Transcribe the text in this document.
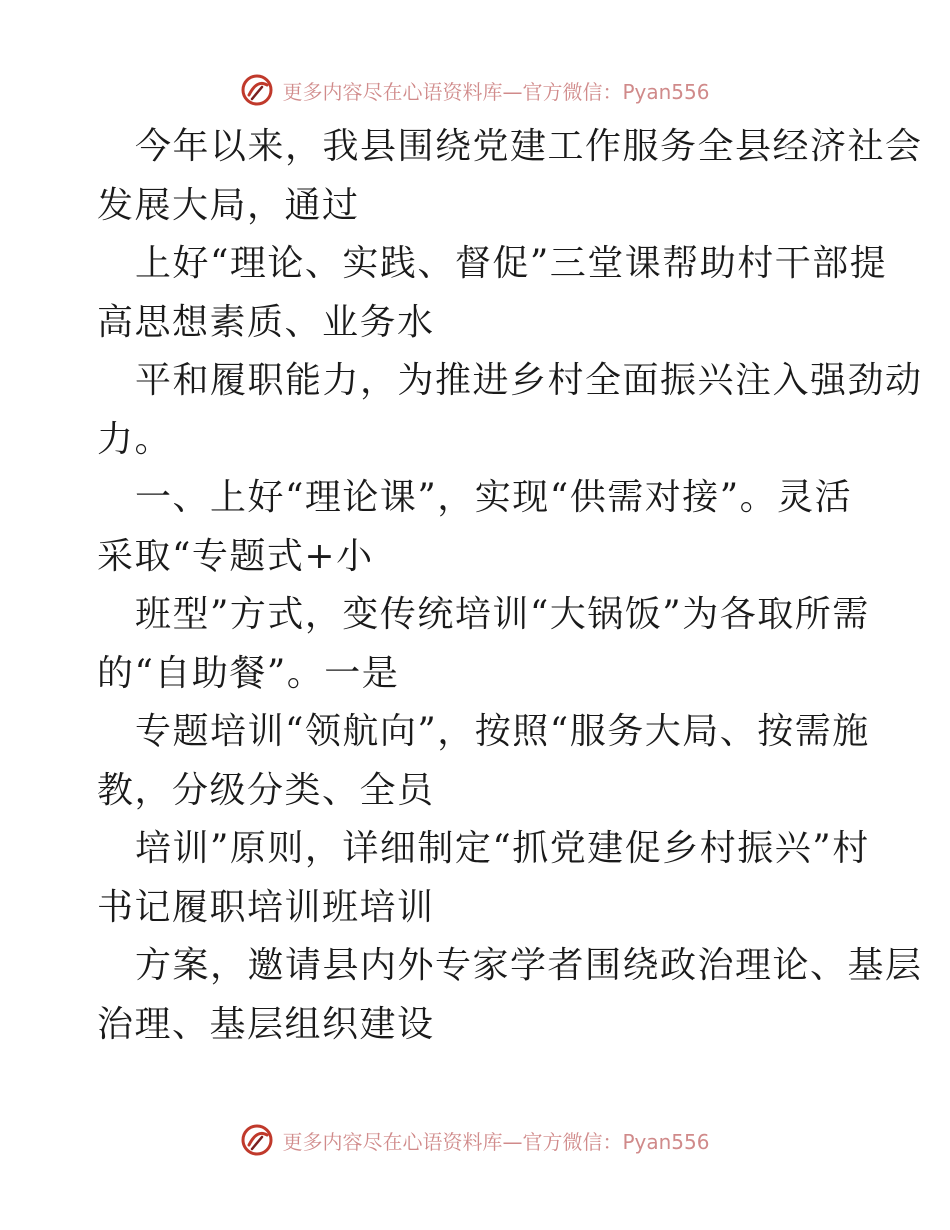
更多内容尽在心语资料库—官方微信：Pyan556
今年以来，我县围绕党建工作服务全县经济社会
发展大局，通过
上好“理论、实践、督促”三堂课帮助村干部提
高思想素质、业务水
平和履职能力，为推进乡村全面振兴注入强劲动
力。
一、上好“理论课”，实现“供需对接”。灵活
采取“专题式+小
班型”方式，变传统培训“大锅饭”为各取所需
的“自助餐”。一是
专题培训“领航向”，按照“服务大局、按需施
教，分级分类、全员
培训”原则，详细制定“抓党建促乡村振兴”村
书记履职培训班培训
方案，邀请县内外专家学者围绕政治理论、基层
治理、基层组织建设
更多内容尽在心语资料库—官方微信：Pyan556
